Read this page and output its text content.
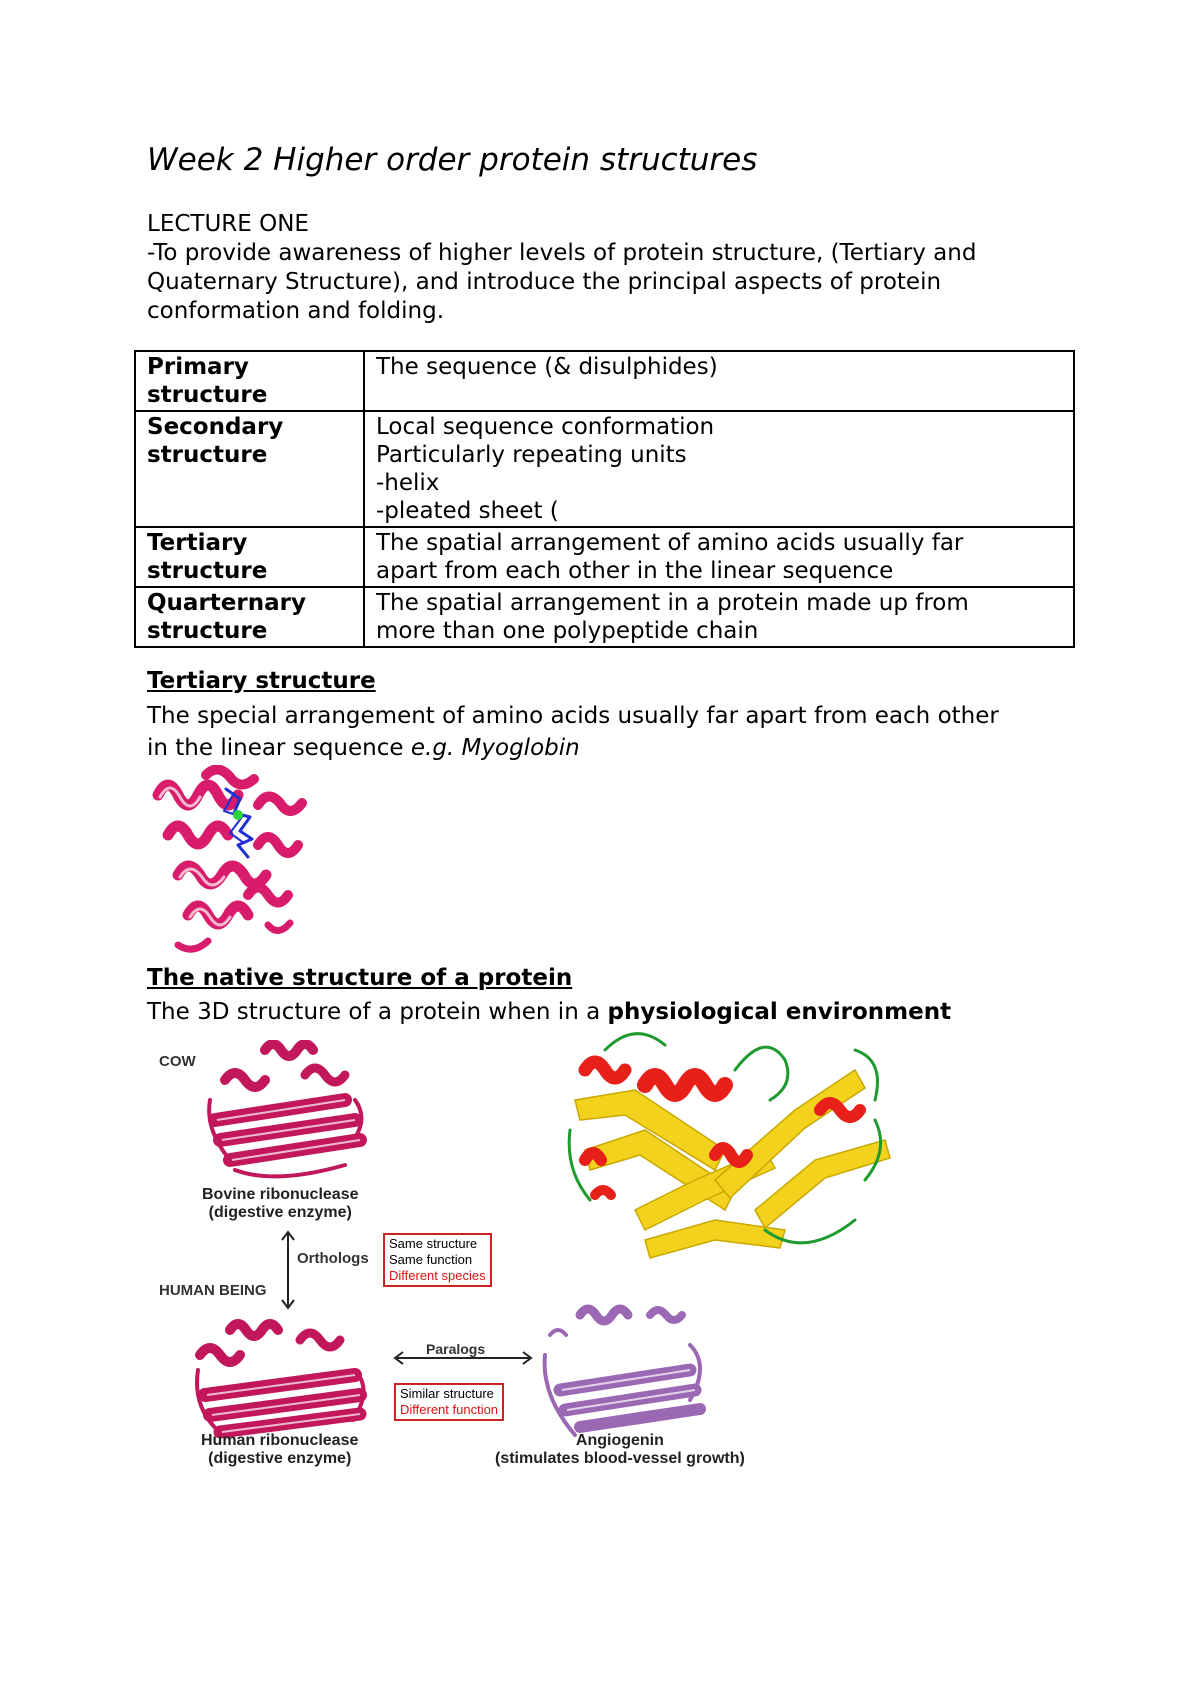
Week 2 Higher order protein structures
LECTURE ONE
-To provide awareness of higher levels of protein structure, (Tertiary and
Quaternary Structure), and introduce the principal aspects of protein
conformation and folding.
Primary
structure	The sequence (& disulphides)

Secondary
structure	Local sequence conformation
Particularly repeating units
-helix
-pleated sheet (

Tertiary
structure	The spatial arrangement of amino acids usually far
apart from each other in the linear sequence

Quarternary
structure	The spatial arrangement in a protein made up from
more than one polypeptide chain
Tertiary structure
The special arrangement of amino acids usually far apart from each other
in the linear sequence e.g. Myoglobin
The native structure of a protein
The 3D structure of a protein when in a physiological environment
COW
Bovine ribonuclease
(digestive enzyme)
Orthologs
Same structure
Same function
Different species
HUMAN BEING
Paralogs
Similar structure
Different function
Human ribonuclease
(digestive enzyme)
Angiogenin
(stimulates blood-vessel growth)
